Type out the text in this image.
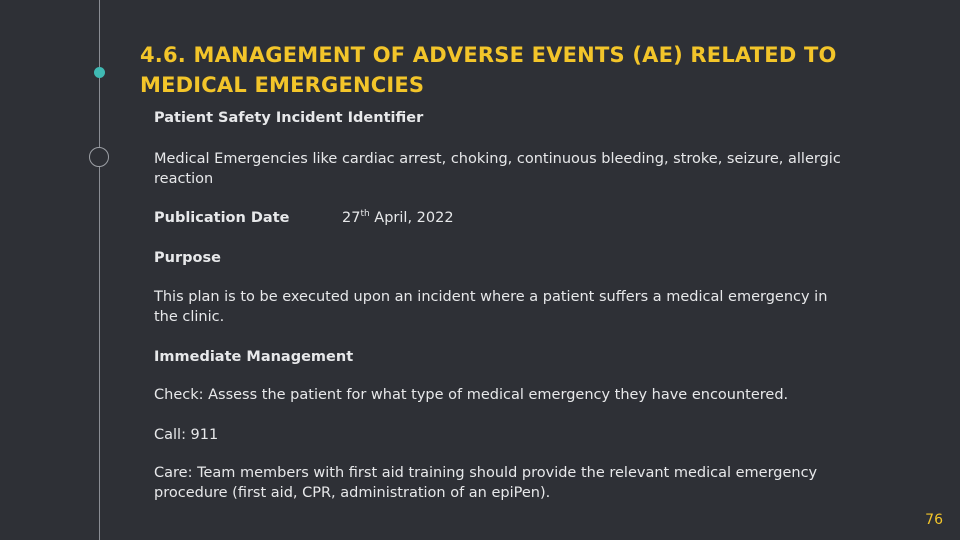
4.6. MANAGEMENT OF ADVERSE EVENTS (AE) RELATED TO MEDICAL EMERGENCIES

Patient Safety Incident Identifier

Medical Emergencies like cardiac arrest, choking, continuous bleeding, stroke, seizure, allergic reaction

Publication Date	27th April, 2022

Purpose

This plan is to be executed upon an incident where a patient suffers a medical emergency in the clinic.

Immediate Management

Check: Assess the patient for what type of medical emergency they have encountered.

Call: 911

Care: Team members with first aid training should provide the relevant medical emergency procedure (first aid, CPR, administration of an epiPen).

76
